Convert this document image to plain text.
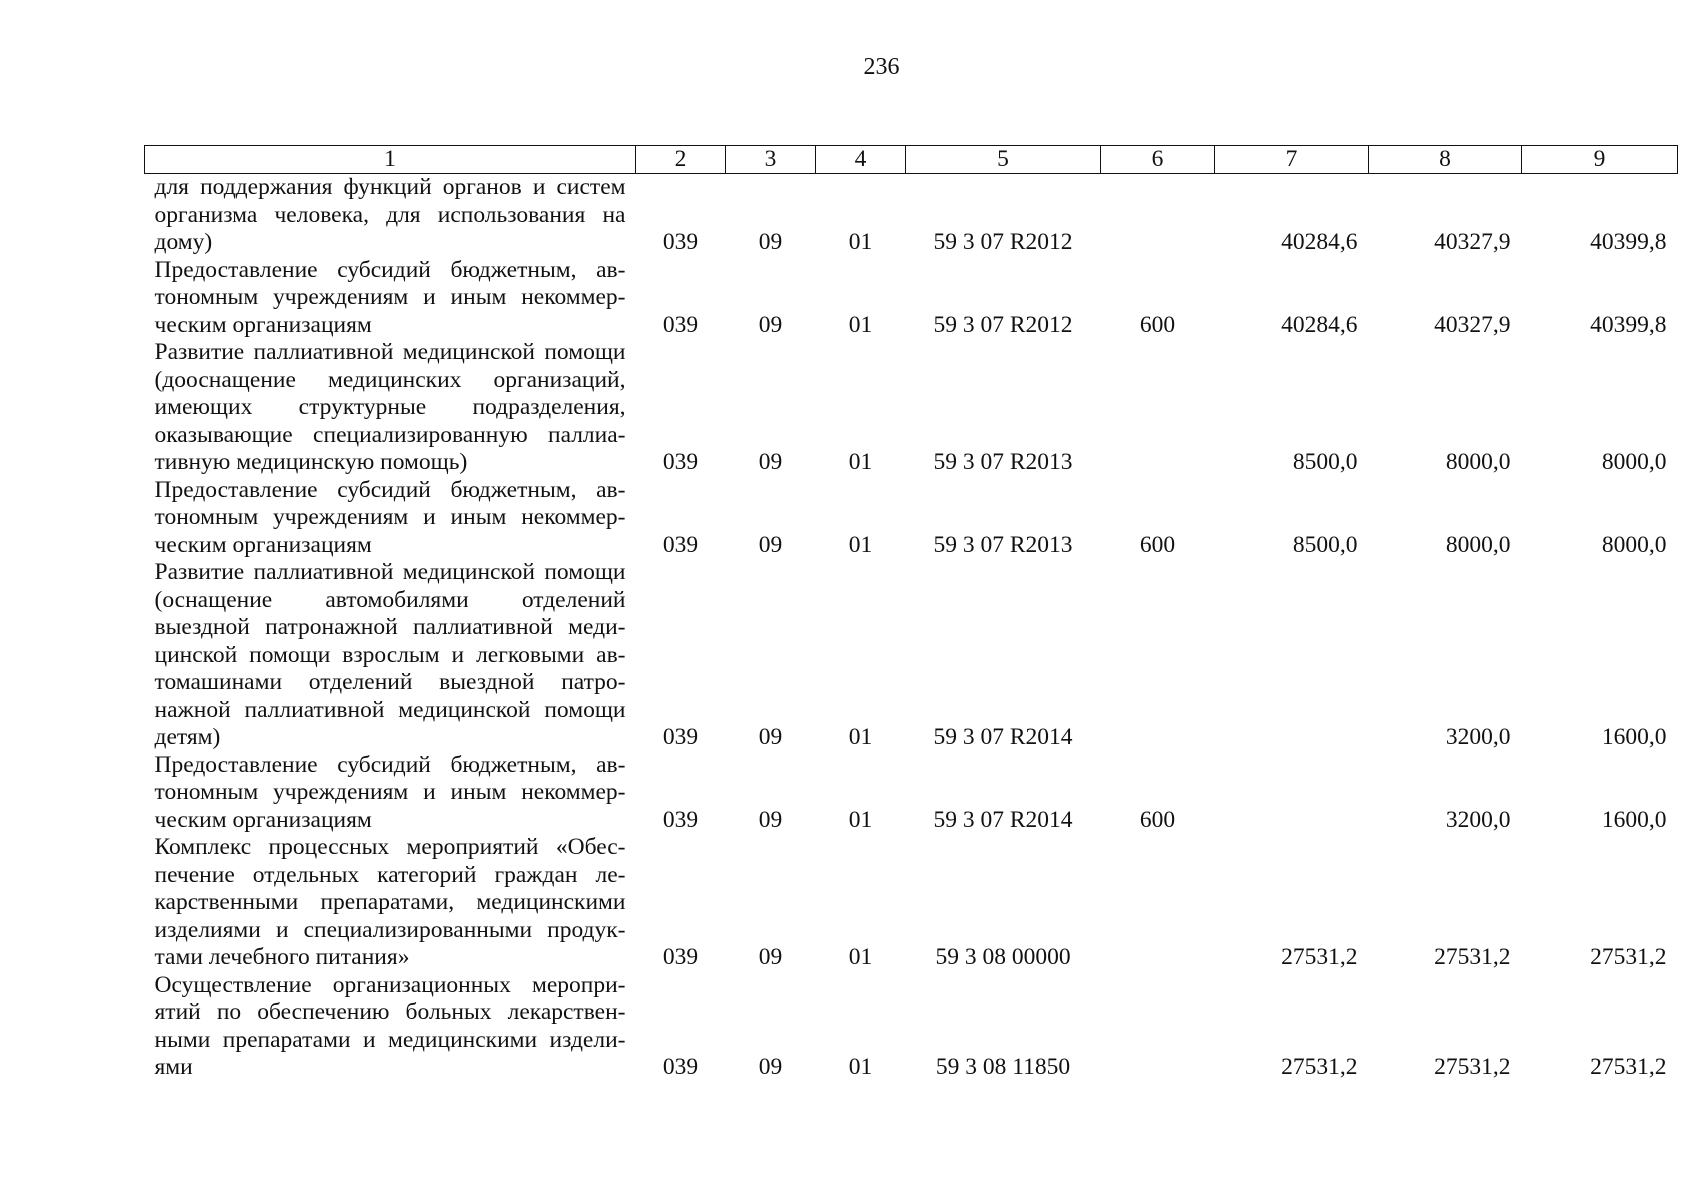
236
1	2	3	4	5	6	7	8	9
для поддержания функций органов и систем организма человека, для использования на дому)	039	09	01	59 3 07 R2012		40284,6	40327,9	40399,8
Предоставление субсидий бюджетным, автономным учреждениям и иным некоммерческим организациям	039	09	01	59 3 07 R2012	600	40284,6	40327,9	40399,8
Развитие паллиативной медицинской помощи (дооснащение медицинских организаций, имеющих структурные подразделения, оказывающие специализированную паллиативную медицинскую помощь)	039	09	01	59 3 07 R2013		8500,0	8000,0	8000,0
Предоставление субсидий бюджетным, автономным учреждениям и иным некоммерческим организациям	039	09	01	59 3 07 R2013	600	8500,0	8000,0	8000,0
Развитие паллиативной медицинской помощи (оснащение автомобилями отделений выездной патронажной паллиативной медицинской помощи взрослым и легковыми автомашинами отделений выездной патронажной паллиативной медицинской помощи детям)	039	09	01	59 3 07 R2014			3200,0	1600,0
Предоставление субсидий бюджетным, автономным учреждениям и иным некоммерческим организациям	039	09	01	59 3 07 R2014	600		3200,0	1600,0
Комплекс процессных мероприятий «Обеспечение отдельных категорий граждан лекарственными препаратами, медицинскими изделиями и специализированными продуктами лечебного питания»	039	09	01	59 3 08 00000		27531,2	27531,2	27531,2
Осуществление организационных мероприятий по обеспечению больных лекарственными препаратами и медицинскими изделиями	039	09	01	59 3 08 11850		27531,2	27531,2	27531,2
